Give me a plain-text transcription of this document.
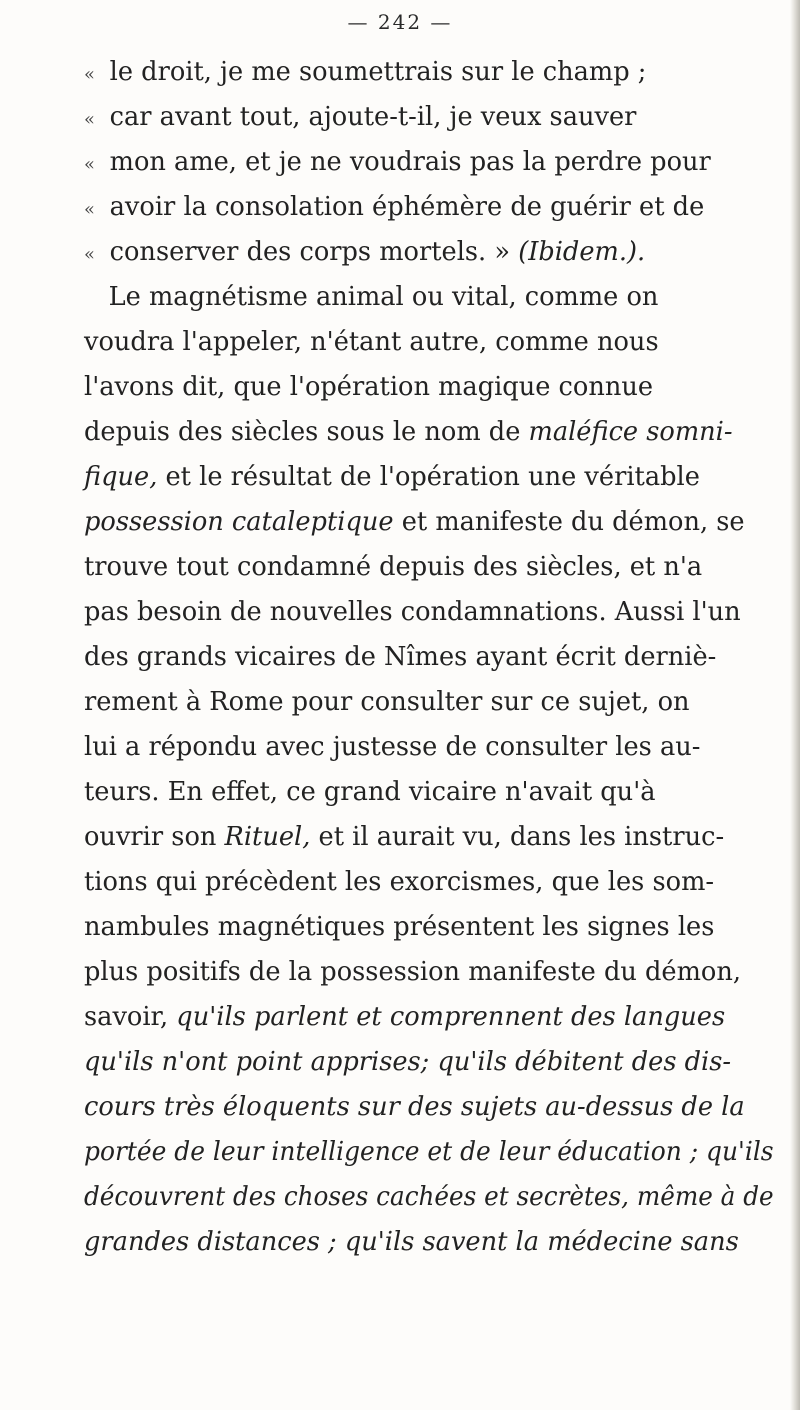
— 242 —
« le droit, je me soumettrais sur le champ ;
« car avant tout, ajoute-t-il, je veux sauver
« mon ame, et je ne voudrais pas la perdre pour
« avoir la consolation éphémère de guérir et de
« conserver des corps mortels. » (Ibidem.).
Le magnétisme animal ou vital, comme on
voudra l'appeler, n'étant autre, comme nous
l'avons dit, que l'opération magique connue
depuis des siècles sous le nom de maléfice somni-
fique, et le résultat de l'opération une véritable
possession cataleptique et manifeste du démon, se
trouve tout condamné depuis des siècles, et n'a
pas besoin de nouvelles condamnations. Aussi l'un
des grands vicaires de Nîmes ayant écrit derniè-
rement à Rome pour consulter sur ce sujet, on
lui a répondu avec justesse de consulter les au-
teurs. En effet, ce grand vicaire n'avait qu'à
ouvrir son Rituel, et il aurait vu, dans les instruc-
tions qui précèdent les exorcismes, que les som-
nambules magnétiques présentent les signes les
plus positifs de la possession manifeste du démon,
savoir, qu'ils parlent et comprennent des langues
qu'ils n'ont point apprises; qu'ils débitent des dis-
cours très éloquents sur des sujets au-dessus de la
portée de leur intelligence et de leur éducation ; qu'ils
découvrent des choses cachées et secrètes, même à de
grandes distances ; qu'ils savent la médecine sans
